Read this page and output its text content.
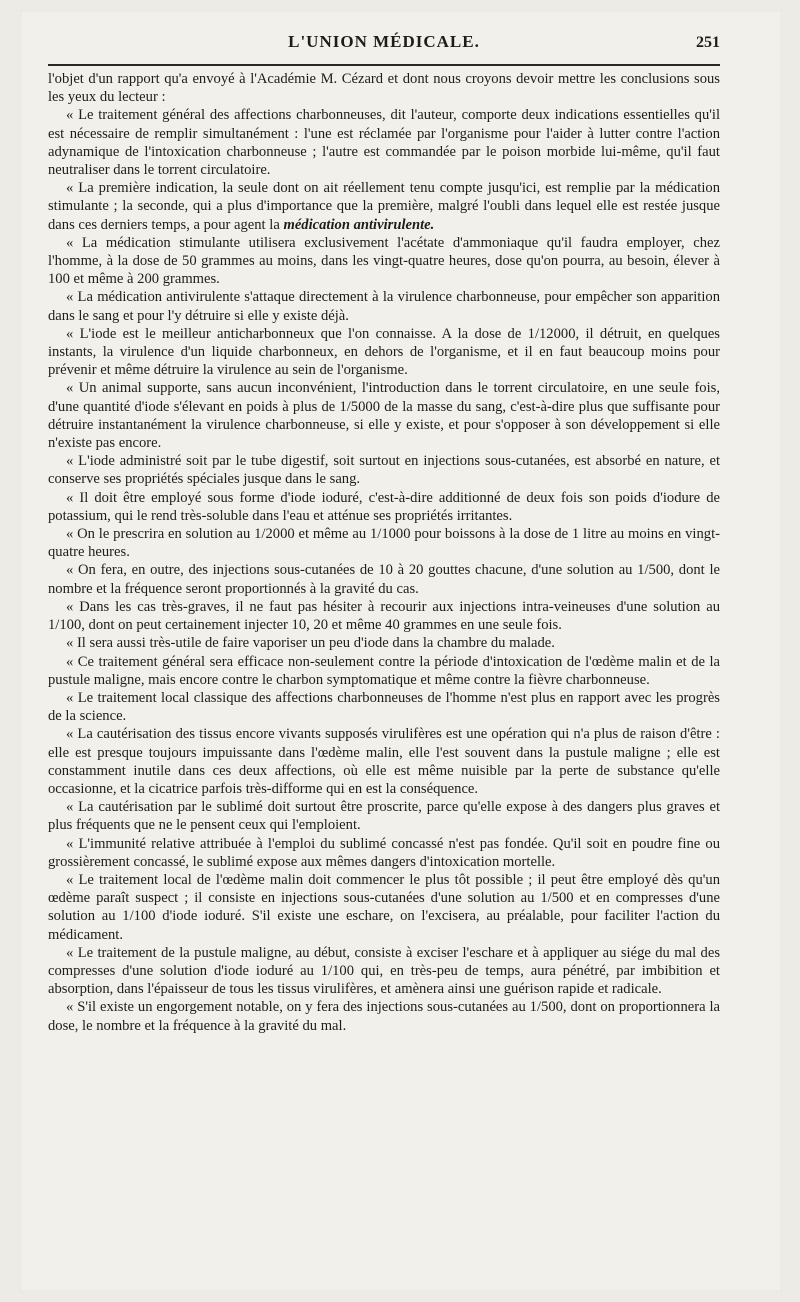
L'UNION MÉDICALE.	251

l'objet d'un rapport qu'a envoyé à l'Académie M. Cézard et dont nous croyons devoir mettre les conclusions sous les yeux du lecteur :

« Le traitement général des affections charbonneuses, dit l'auteur, comporte deux indications essentielles qu'il est nécessaire de remplir simultanément : l'une est réclamée par l'organisme pour l'aider à lutter contre l'action adynamique de l'intoxication charbonneuse ; l'autre est commandée par le poison morbide lui-même, qu'il faut neutraliser dans le torrent circulatoire.

« La première indication, la seule dont on ait réellement tenu compte jusqu'ici, est remplie par la médication stimulante ; la seconde, qui a plus d'importance que la première, malgré l'oubli dans lequel elle est restée jusque dans ces derniers temps, a pour agent la médication antivirulente.

« La médication stimulante utilisera exclusivement l'acétate d'ammoniaque qu'il faudra employer, chez l'homme, à la dose de 50 grammes au moins, dans les vingt-quatre heures, dose qu'on pourra, au besoin, élever à 100 et même à 200 grammes.

« La médication antivirulente s'attaque directement à la virulence charbonneuse, pour empêcher son apparition dans le sang et pour l'y détruire si elle y existe déjà.

« L'iode est le meilleur anticharbonneux que l'on connaisse. A la dose de 1/12000, il détruit, en quelques instants, la virulence d'un liquide charbonneux, en dehors de l'organisme, et il en faut beaucoup moins pour prévenir et même détruire la virulence au sein de l'organisme.

« Un animal supporte, sans aucun inconvénient, l'introduction dans le torrent circulatoire, en une seule fois, d'une quantité d'iode s'élevant en poids à plus de 1/5000 de la masse du sang, c'est-à-dire plus que suffisante pour détruire instantanément la virulence charbonneuse, si elle y existe, et pour s'opposer à son développement si elle n'existe pas encore.

« L'iode administré soit par le tube digestif, soit surtout en injections sous-cutanées, est absorbé en nature, et conserve ses propriétés spéciales jusque dans le sang.

« Il doit être employé sous forme d'iode ioduré, c'est-à-dire additionné de deux fois son poids d'iodure de potassium, qui le rend très-soluble dans l'eau et atténue ses propriétés irritantes.

« On le prescrira en solution au 1/2000 et même au 1/1000 pour boissons à la dose de 1 litre au moins en vingt-quatre heures.

« On fera, en outre, des injections sous-cutanées de 10 à 20 gouttes chacune, d'une solution au 1/500, dont le nombre et la fréquence seront proportionnés à la gravité du cas.

« Dans les cas très-graves, il ne faut pas hésiter à recourir aux injections intra-veineuses d'une solution au 1/100, dont on peut certainement injecter 10, 20 et même 40 grammes en une seule fois.

« Il sera aussi très-utile de faire vaporiser un peu d'iode dans la chambre du malade.

« Ce traitement général sera efficace non-seulement contre la période d'intoxication de l'œdème malin et de la pustule maligne, mais encore contre le charbon symptomatique et même contre la fièvre charbonneuse.

« Le traitement local classique des affections charbonneuses de l'homme n'est plus en rapport avec les progrès de la science.

« La cautérisation des tissus encore vivants supposés virulifères est une opération qui n'a plus de raison d'être : elle est presque toujours impuissante dans l'œdème malin, elle l'est souvent dans la pustule maligne ; elle est constamment inutile dans ces deux affections, où elle est même nuisible par la perte de substance qu'elle occasionne, et la cicatrice parfois très-difforme qui en est la conséquence.

« La cautérisation par le sublimé doit surtout être proscrite, parce qu'elle expose à des dangers plus graves et plus fréquents que ne le pensent ceux qui l'emploient.

« L'immunité relative attribuée à l'emploi du sublimé concassé n'est pas fondée. Qu'il soit en poudre fine ou grossièrement concassé, le sublimé expose aux mêmes dangers d'intoxication mortelle.

« Le traitement local de l'œdème malin doit commencer le plus tôt possible ; il peut être employé dès qu'un œdème paraît suspect ; il consiste en injections sous-cutanées d'une solution au 1/500 et en compresses d'une solution au 1/100 d'iode ioduré. S'il existe une eschare, on l'excisera, au préalable, pour faciliter l'action du médicament.

« Le traitement de la pustule maligne, au début, consiste à exciser l'eschare et à appliquer au siége du mal des compresses d'une solution d'iode ioduré au 1/100 qui, en très-peu de temps, aura pénétré, par imbibition et absorption, dans l'épaisseur de tous les tissus virulifères, et amènera ainsi une guérison rapide et radicale.

« S'il existe un engorgement notable, on y fera des injections sous-cutanées au 1/500, dont on proportionnera la dose, le nombre et la fréquence à la gravité du mal.
